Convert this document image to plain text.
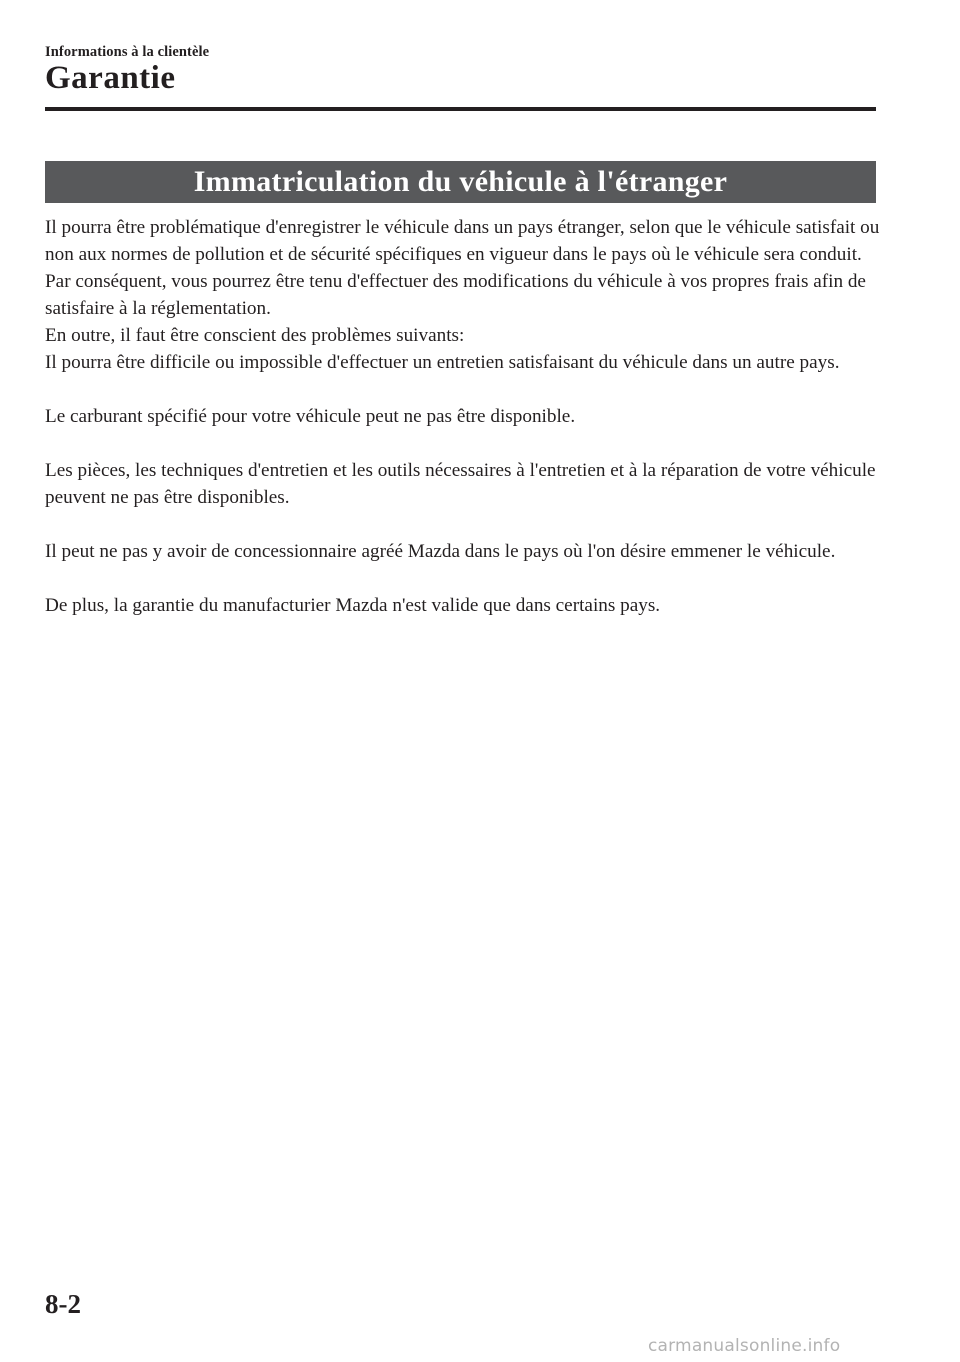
Informations à la clientèle
Garantie
Immatriculation du véhicule à l'étranger

Il pourra être problématique d'enregistrer le véhicule dans un pays étranger, selon que le véhicule satisfait ou non aux normes de pollution et de sécurité spécifiques en vigueur dans le pays où le véhicule sera conduit. Par conséquent, vous pourrez être tenu d'effectuer des modifications du véhicule à vos propres frais afin de satisfaire à la réglementation.

En outre, il faut être conscient des problèmes suivants:

Il pourra être difficile ou impossible d'effectuer un entretien satisfaisant du véhicule dans un autre pays.

Le carburant spécifié pour votre véhicule peut ne pas être disponible.

Les pièces, les techniques d'entretien et les outils nécessaires à l'entretien et à la réparation de votre véhicule peuvent ne pas être disponibles.

Il peut ne pas y avoir de concessionnaire agréé Mazda dans le pays où l'on désire emmener le véhicule.

De plus, la garantie du manufacturier Mazda n'est valide que dans certains pays.

8-2
carmanualsonline.info
